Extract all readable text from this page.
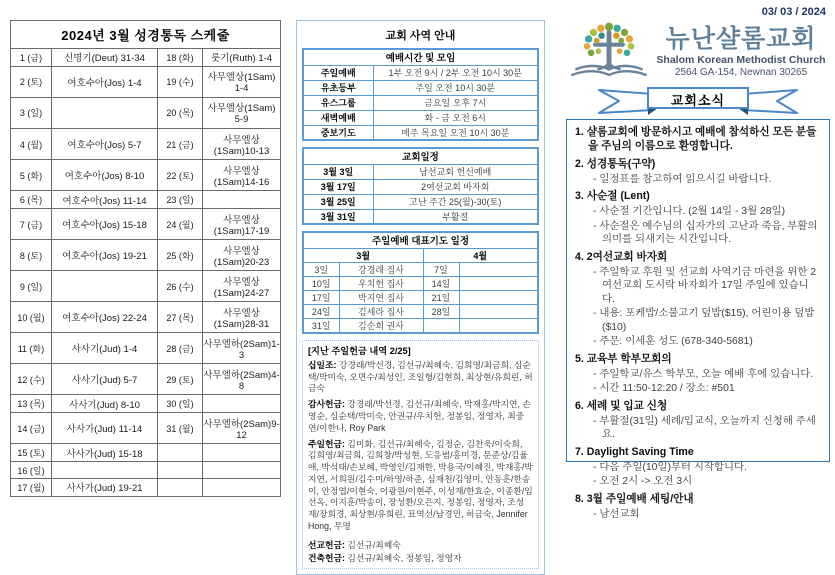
2024년 3월 성경통독 스케줄			
1 (금)	신명기(Deut) 31-34	18 (화)	룻기(Ruth) 1-4
2 (토)	여호수아(Jos) 1-4	19 (수)	사무엘상(1Sam) 1-4
3 (일)		20 (목)	사무엘상(1Sam) 5-9
4 (월)	여호수아(Jos) 5-7	21 (금)	사무엘상(1Sam)10-13
5 (화)	여호수아(Jos) 8-10	22 (토)	사무엘상(1Sam)14-16
6 (목)	여호수아(Jos) 11-14	23 (일)	
7 (금)	여호수아(Jos) 15-18	24 (월)	사무엘상(1Sam)17-19
8 (토)	여호수아(Jos) 19-21	25 (화)	사무엘상(1Sam)20-23
9 (일)		26 (수)	사무엘상(1Sam)24-27
10 (월)	여호수아(Jos) 22-24	27 (목)	사무엘상(1Sam)28-31
11 (화)	사사기(Jud) 1-4	28 (금)	사무엘하(2Sam)1-3
12 (수)	사사기(Jud) 5-7	29 (토)	사무엘하(2Sam)4-8
13 (목)	사사기(Jud) 8-10	30 (일)	
14 (금)	사사가(Jud) 11-14	31 (월)	사무엘하(2Sam)9-12
15 (토)	사사가(Jud) 15-18		
16 (일)			
17 (월)	사사가(Jud) 19-21		
교회 사역 안내
예배시간 및 모임	
주일예배	1부 오전 9시 / 2부 오전 10시 30분
유초등부	주일 오전 10시 30분
유스그룹	금요일 오후 7시
새벽예배	화 - 금 오전 6시
중보기도	매주 목요일 오전 10시 30분
교회일정	
3월 3일	남선교회 헌신예배
3월 17일	2여선교회 바자회
3월 25일	고난 주간 25(월)-30(토)
3월 31일	부활절
주일예배 대표기도 일정			
3월		4월	
3일	강경래 집사	7일	
10일	우치헌 집사	14일	
17일	박지연 집사	21일	
24일	김세라 집사	28일	
31일	김순희 권사		
[지난 주일헌금 내역 2/25]
십일조: 강경래/박선경, 김선규/최혜숙, 김희영/최금희, 심순택/박미숙, 오면수/최성인, 조일형/김현희, 최상현/유희린, 허금숙
감사헌금: 강경래/박선경, 김선규/최혜숙, 박재홍/박지연, 손영순, 심순택/박미숙, 안권규/우치헌, 정봉임, 정영자, 최중연/이한나, Roy Park
주일헌금: 김미화, 김선규/최혜숙, 김정순, 김찬욱/이숙희, 김희영/최금희, 김희창/박성현, 도응범/홍미경, 문준상/김율애, 박석태/손보혜, 박영인/김재한, 박용국/이혜진, 박재홍/박지연, 서희원/김수미/하영/하준, 심재천/김영미, 안동훈/한송이, 안정엽/이현숙, 이광원/이현주, 이성재/한효순, 이종환/임선옥, 이지훈/박송이, 장성환/오은지, 정봉임, 정영자, 조성재/장희경, 최상현/유희린, 표역선/남경민, 허금숙, Jennifer Hong, 무명
선교헌금: 김선규/최혜숙
건축헌금: 김선규/최혜숙, 정봉임, 정영자
03/ 03 / 2024
뉴난샬롬교회
Shalom Korean Methodist Church
2564 GA-154, Newnan 30265
교회소식
1. 샬롬교회에 방문하시고 예배에 참석하신 모든 분들을 주님의 이름으로 환영합니다.
2. 성경통독(구약)
- 일정표를 참고하여 읽으시길 바랍니다.
3. 사순절 (Lent)
- 사순절 기간입니다. (2월 14일 - 3월 28일)
- 사순절은 예수님의 십자가의 고난과 죽음, 부활의 의미를 되새기는 시간입니다.
4. 2여선교회 바자회
- 주일학교 후원 및 선교회 사역기금 마련을 위한 2여선교회 도시락 바자회가 17일 주일에 있습니다.
- 내용: 포케밥/소불고기 덮밥($15), 어린이용 덮밥($10)
- 주문: 이세훈 성도 (678-340-5681)
5. 교육부 학부모회의
- 주일학교/유스 학부모, 오늘 예배 후에 있습니다.
- 시간 11:50-12:20 / 장소: #501
6. 세례 및 입교 신청
- 부활절(31일) 세례/입교식, 오늘까지 신청해 주세요.
7. Daylight Saving Time
- 다음 주일(10일)부터 시작합니다.
- 오전 2시 -> 오전 3시
8. 3월 주일예배 세팅/안내
- 남선교회
